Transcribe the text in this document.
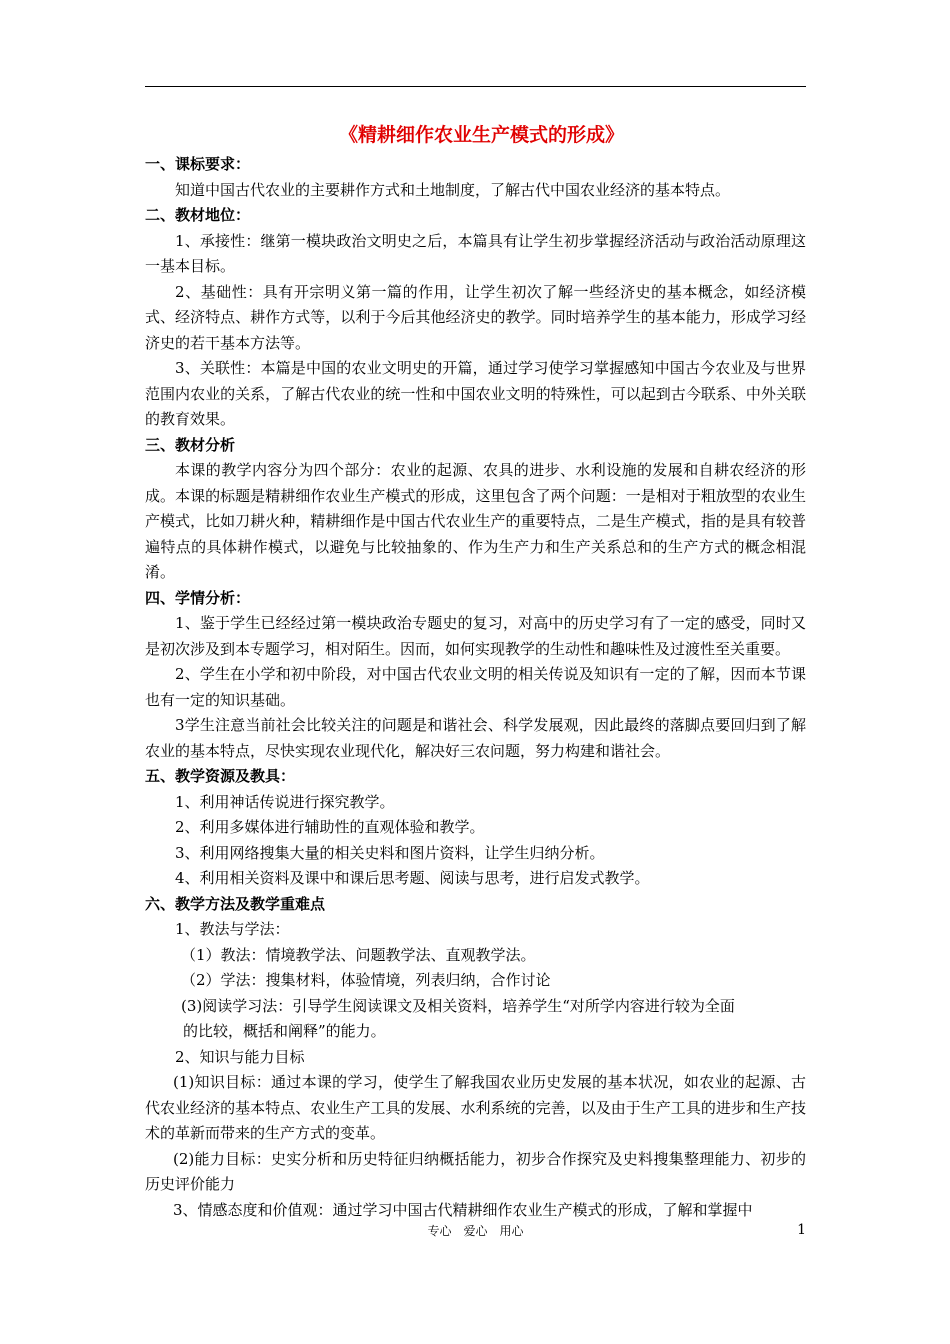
《精耕细作农业生产模式的形成》
一、课标要求：
知道中国古代农业的主要耕作方式和土地制度，了解古代中国农业经济的基本特点。
二、教材地位：
1、承接性：继第一模块政治文明史之后，本篇具有让学生初步掌握经济活动与政治活动原理这一基本目标。
2、基础性：具有开宗明义第一篇的作用，让学生初次了解一些经济史的基本概念，如经济模式、经济特点、耕作方式等，以利于今后其他经济史的教学。同时培养学生的基本能力，形成学习经济史的若干基本方法等。
3、关联性：本篇是中国的农业文明史的开篇，通过学习使学习掌握感知中国古今农业及与世界范围内农业的关系，了解古代农业的统一性和中国农业文明的特殊性，可以起到古今联系、中外关联的教育效果。
三、教材分析
本课的教学内容分为四个部分：农业的起源、农具的进步、水利设施的发展和自耕农经济的形成。本课的标题是精耕细作农业生产模式的形成，这里包含了两个问题：一是相对于粗放型的农业生产模式，比如刀耕火种，精耕细作是中国古代农业生产的重要特点，二是生产模式，指的是具有较普遍特点的具体耕作模式，以避免与比较抽象的、作为生产力和生产关系总和的生产方式的概念相混淆。
四、学情分析：
1、鉴于学生已经经过第一模块政治专题史的复习，对高中的历史学习有了一定的感受，同时又是初次涉及到本专题学习，相对陌生。因而，如何实现教学的生动性和趣味性及过渡性至关重要。
2、学生在小学和初中阶段，对中国古代农业文明的相关传说及知识有一定的了解，因而本节课也有一定的知识基础。
3学生注意当前社会比较关注的问题是和谐社会、科学发展观，因此最终的落脚点要回归到了解农业的基本特点，尽快实现农业现代化，解决好三农问题，努力构建和谐社会。
五、教学资源及教具：
1、利用神话传说进行探究教学。
2、利用多媒体进行辅助性的直观体验和教学。
3、利用网络搜集大量的相关史料和图片资料，让学生归纳分析。
4、利用相关资料及课中和课后思考题、阅读与思考，进行启发式教学。
六、教学方法及教学重难点
1、教法与学法：
（1）教法：情境教学法、问题教学法、直观教学法。
（2）学法：搜集材料，体验情境，列表归纳，合作讨论
(3)阅读学习法：引导学生阅读课文及相关资料，培养学生“对所学内容进行较为全面
的比较，概括和阐释”的能力。
2、知识与能力目标
(1)知识目标：通过本课的学习，使学生了解我国农业历史发展的基本状况，如农业的起源、古代农业经济的基本特点、农业生产工具的发展、水利系统的完善，以及由于生产工具的进步和生产技术的革新而带来的生产方式的变革。
(2)能力目标：史实分析和历史特征归纳概括能力，初步合作探究及史料搜集整理能力、初步的历史评价能力
3、情感态度和价值观：通过学习中国古代精耕细作农业生产模式的形成，了解和掌握中
专心　爱心　用心	1
